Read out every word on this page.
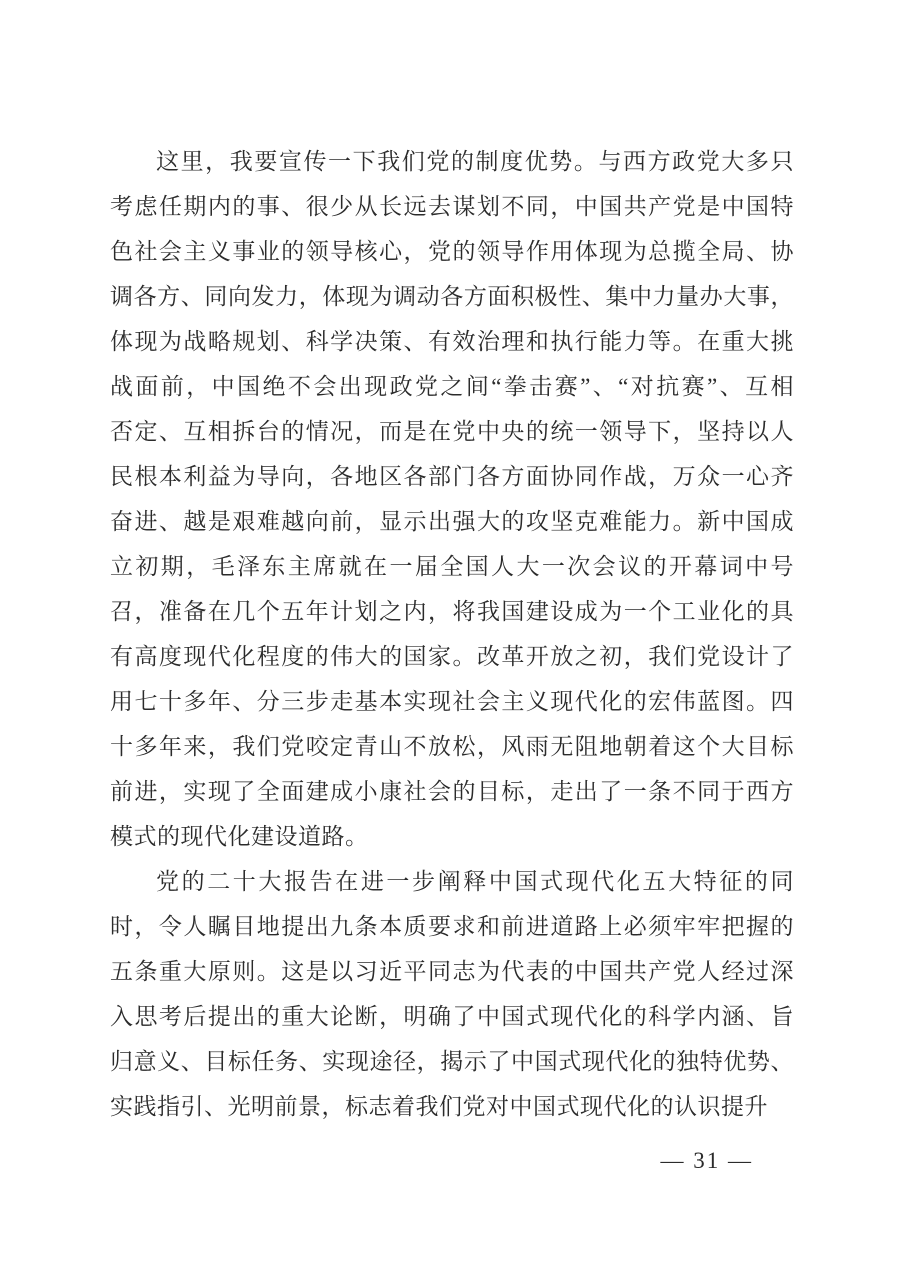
这里，我要宣传一下我们党的制度优势。与西方政党大多只
考虑任期内的事、很少从长远去谋划不同，中国共产党是中国特
色社会主义事业的领导核心，党的领导作用体现为总揽全局、协
调各方、同向发力，体现为调动各方面积极性、集中力量办大事，
体现为战略规划、科学决策、有效治理和执行能力等。在重大挑
战面前，中国绝不会出现政党之间“拳击赛”、“对抗赛”、互相
否定、互相拆台的情况，而是在党中央的统一领导下，坚持以人
民根本利益为导向，各地区各部门各方面协同作战，万众一心齐
奋进、越是艰难越向前，显示出强大的攻坚克难能力。新中国成
立初期，毛泽东主席就在一届全国人大一次会议的开幕词中号
召，准备在几个五年计划之内，将我国建设成为一个工业化的具
有高度现代化程度的伟大的国家。改革开放之初，我们党设计了
用七十多年、分三步走基本实现社会主义现代化的宏伟蓝图。四
十多年来，我们党咬定青山不放松，风雨无阻地朝着这个大目标
前进，实现了全面建成小康社会的目标，走出了一条不同于西方
模式的现代化建设道路。
党的二十大报告在进一步阐释中国式现代化五大特征的同
时，令人瞩目地提出九条本质要求和前进道路上必须牢牢把握的
五条重大原则。这是以习近平同志为代表的中国共产党人经过深
入思考后提出的重大论断，明确了中国式现代化的科学内涵、旨
归意义、目标任务、实现途径，揭示了中国式现代化的独特优势、
实践指引、光明前景，标志着我们党对中国式现代化的认识提升
— 31 —
